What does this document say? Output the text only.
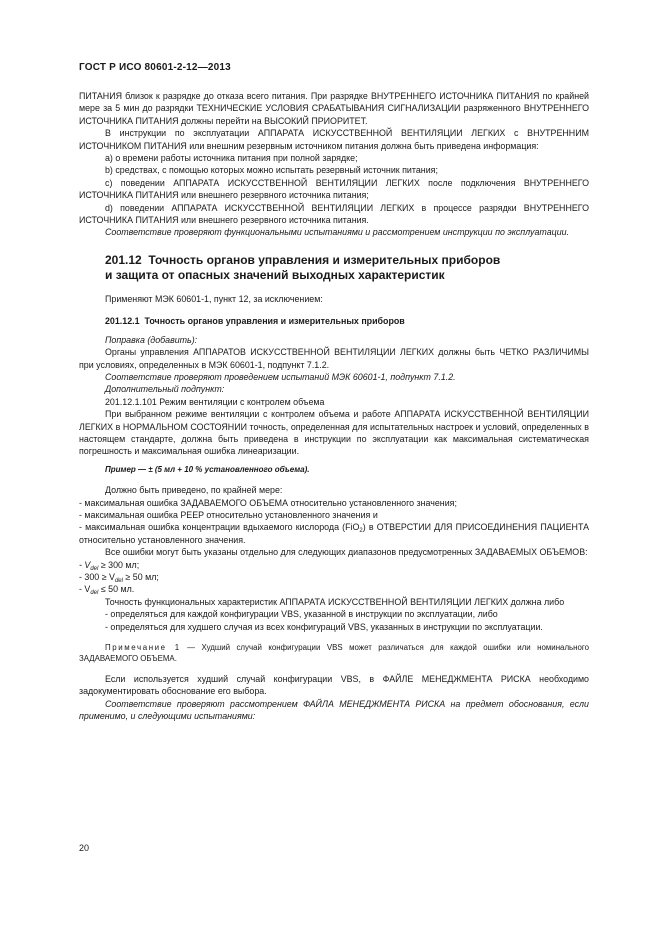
ГОСТ Р ИСО 80601-2-12—2013

ПИТАНИЯ близок к разрядке до отказа всего питания. При разрядке ВНУТРЕННЕГО ИСТОЧНИКА ПИТАНИЯ по крайней мере за 5 мин до разрядки ТЕХНИЧЕСКИЕ УСЛОВИЯ СРАБАТЫВАНИЯ СИГНАЛИЗАЦИИ разряженного ВНУТРЕННЕГО ИСТОЧНИКА ПИТАНИЯ должны перейти на ВЫСОКИЙ ПРИОРИТЕТ.

В инструкции по эксплуатации АППАРАТА ИСКУССТВЕННОЙ ВЕНТИЛЯЦИИ ЛЕГКИХ с ВНУТРЕННИМ ИСТОЧНИКОМ ПИТАНИЯ или внешним резервным источником питания должна быть приведена информация:

a) о времени работы источника питания при полной зарядке;

b) средствах, с помощью которых можно испытать резервный источник питания;

c) поведении АППАРАТА ИСКУССТВЕННОЙ ВЕНТИЛЯЦИИ ЛЕГКИХ после подключения ВНУТРЕННЕГО ИСТОЧНИКА ПИТАНИЯ или внешнего резервного источника питания;

d) поведении АППАРАТА ИСКУССТВЕННОЙ ВЕНТИЛЯЦИИ ЛЕГКИХ в процессе разрядки ВНУТРЕННЕГО ИСТОЧНИКА ПИТАНИЯ или внешнего резервного источника питания.

Соответствие проверяют функциональными испытаниями и рассмотрением инструкции по эксплуатации.

201.12 Точность органов управления и измерительных приборов
и защита от опасных значений выходных характеристик

Применяют МЭК 60601-1, пункт 12, за исключением:

201.12.1 Точность органов управления и измерительных приборов

Поправка (добавить):

Органы управления АППАРАТОВ ИСКУССТВЕННОЙ ВЕНТИЛЯЦИИ ЛЕГКИХ должны быть ЧЕТКО РАЗЛИЧИМЫ при условиях, определенных в МЭК 60601-1, подпункт 7.1.2.

Соответствие проверяют проведением испытаний МЭК 60601-1, подпункт 7.1.2.

Дополнительный подпункт:

201.12.1.101 Режим вентиляции с контролем объема

При выбранном режиме вентиляции с контролем объема и работе АППАРАТА ИСКУССТВЕННОЙ ВЕНТИЛЯЦИИ ЛЕГКИХ в НОРМАЛЬНОМ СОСТОЯНИИ точность, определенная для испытательных настроек и условий, определенных в настоящем стандарте, должна быть приведена в инструкции по эксплуатации как максимальная систематическая погрешность и максимальная ошибка линеаризации.

Пример — ± (5 мл + 10 % установленного объема).

Должно быть приведено, по крайней мере:

- максимальная ошибка ЗАДАВАЕМОГО ОБЪЕМА относительно установленного значения;

- максимальная ошибка PEEP относительно установленного значения и

- максимальная ошибка концентрации вдыхаемого кислорода (FiO$_2$) в ОТВЕРСТИИ ДЛЯ ПРИСОЕДИНЕНИЯ ПАЦИЕНТА относительно установленного значения.

Все ошибки могут быть указаны отдельно для следующих диапазонов предусмотренных ЗАДАВАЕМЫХ ОБЪЕМОВ:

- $V_{del} \ge 300$ мл;

- $300 \ge V_{del} \ge 50$ мл;

- $V_{del} \le 50$ мл.

Точность функциональных характеристик АППАРАТА ИСКУССТВЕННОЙ ВЕНТИЛЯЦИИ ЛЕГКИХ должна либо

- определяться для каждой конфигурации VBS, указанной в инструкции по эксплуатации, либо

- определяться для худшего случая из всех конфигураций VBS, указанных в инструкции по эксплуатации.

Примечание 1 — Худший случай конфигурации VBS может различаться для каждой ошибки или номинального ЗАДАВАЕМОГО ОБЪЕМА.

Если используется худший случай конфигурации VBS, в ФАЙЛЕ МЕНЕДЖМЕНТА РИСКА необходимо задокументировать обоснование его выбора.

Соответствие проверяют рассмотрением ФАЙЛА МЕНЕДЖМЕНТА РИСКА на предмет обоснования, если применимо, и следующими испытаниями:

20
